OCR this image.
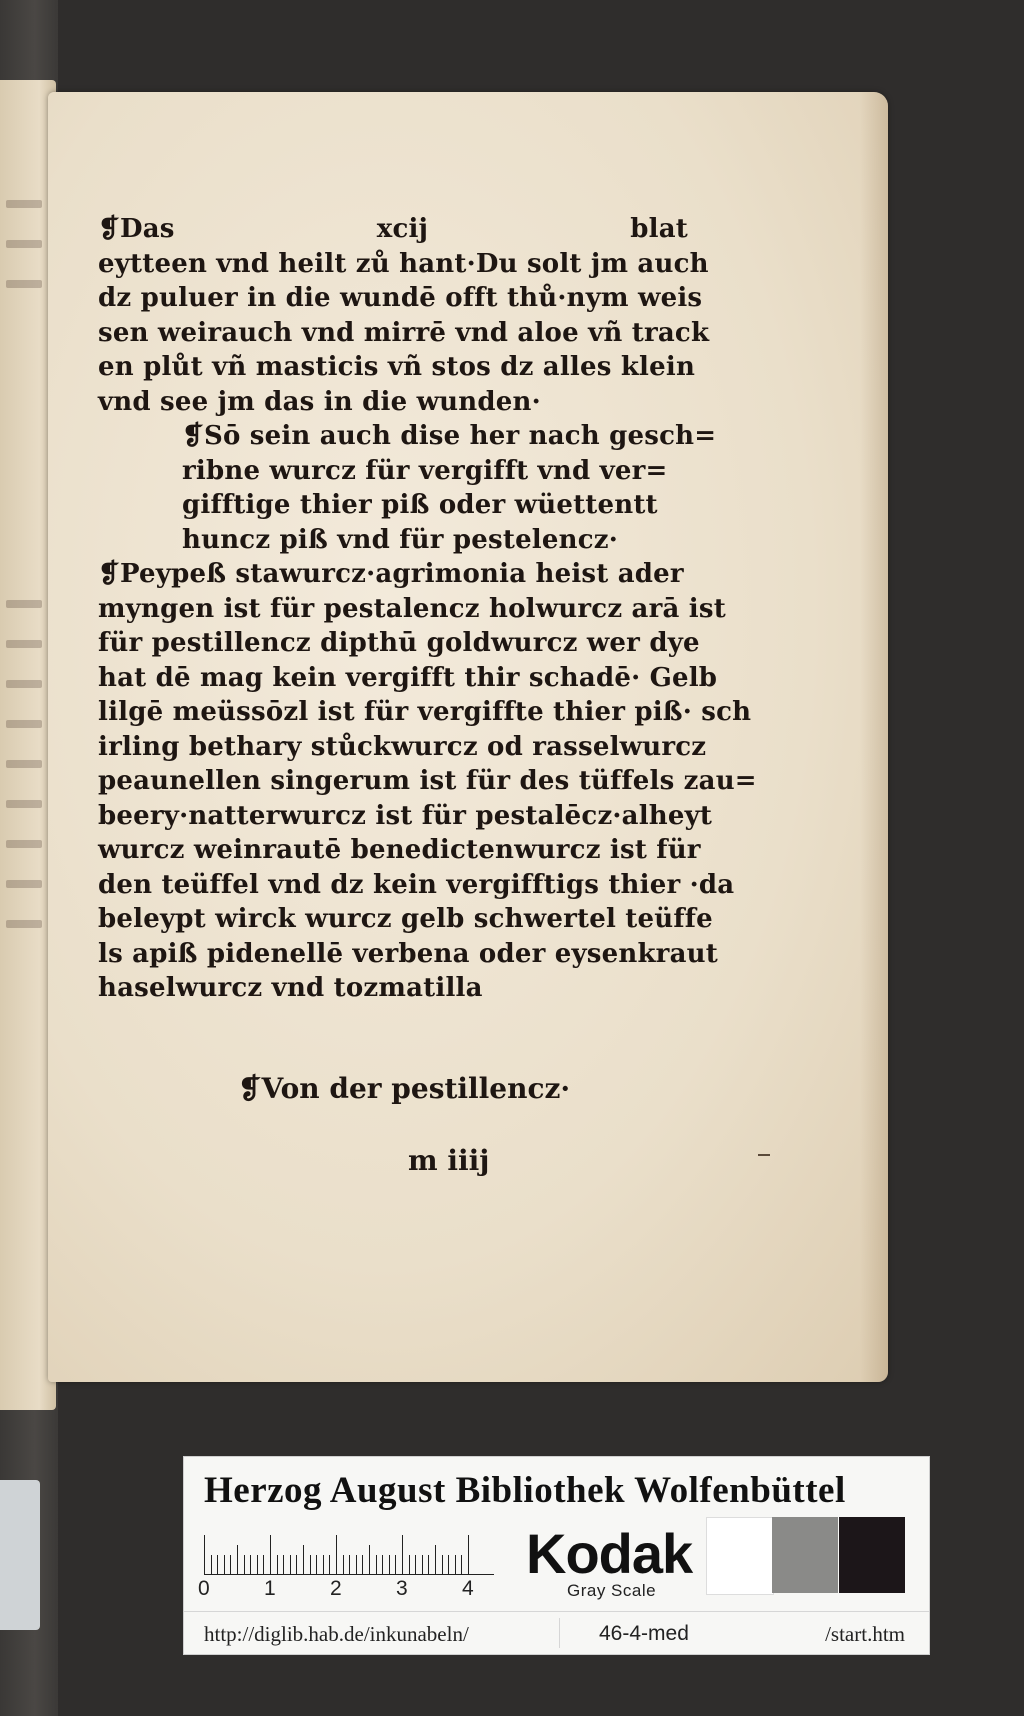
❡Das	xcij	blat
eytteen vnd heilt zů hant·Du solt jm auch
dz puluer in die wundē offt thů·nym weis
sen weirauch vnd mirrē vnd aloe vñ track
en plůt vñ masticis vñ stos dz alles klein
vnd see jm das in die wunden·
❡Sō sein auch dise her nach gesch=
ribne wurcz für vergifft vnd ver=
gifftige thier piß oder wüettentt
huncz piß vnd für pestelencz·
❡Peypeß stawurcz·agrimonia heist ader
myngen ist für pestalencz holwurcz arā ist
für pestillencz dipthū goldwurcz wer dye
hat dē mag kein vergifft thir schadē· Gelb
lilgē meüssōzl ist für vergiffte thier piß· sch
irling bethary stůckwurcz od rasselwurcz
peaunellen singerum ist für des tüffels zau=
beery·natterwurcz ist für pestalēcz·alheyt
wurcz weinrautē benedictenwurcz ist für
den teüffel vnd dz kein vergifftigs thier ·da
beleypt wirck wurcz gelb schwertel teüffe
ls apiß pidenellē verbena oder eysenkraut
haselwurcz vnd tozmatilla
❡Von der pestillencz·
m iiij
Herzog August Bibliothek Wolfenbüttel
0	1	2	3	4
Kodak
Gray Scale
http://diglib.hab.de/inkunabeln/	46-4-med	/start.htm
